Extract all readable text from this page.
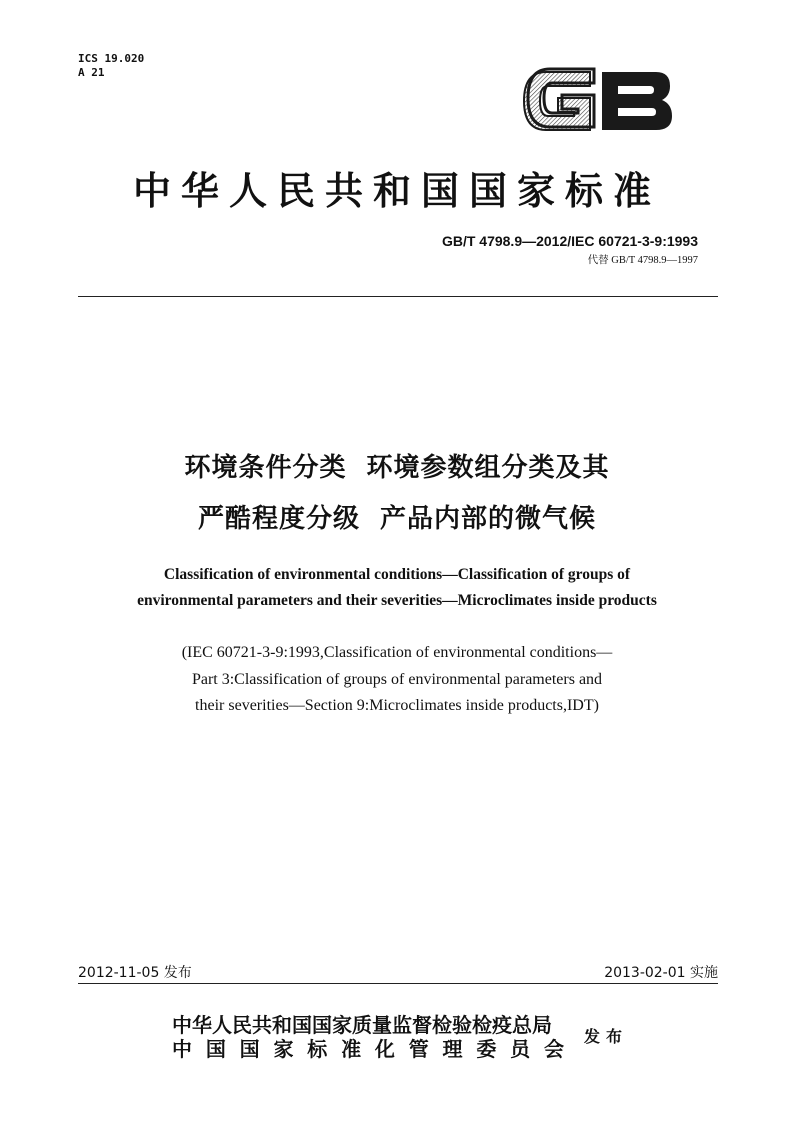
ICS 19.020
A 21
GB
中华人民共和国国家标准
GB/T 4798.9—2012/IEC 60721-3-9:1993
代替 GB/T 4798.9—1997
环境条件分类  环境参数组分类及其
严酷程度分级  产品内部的微气候
Classification of environmental conditions—Classification of groups of
environmental parameters and their severities—Microclimates inside products
(IEC 60721-3-9:1993,Classification of environmental conditions—
Part 3:Classification of groups of environmental parameters and
their severities—Section 9:Microclimates inside products,IDT)
2012-11-05 发布	2013-02-01 实施
中华人民共和国国家质量监督检验检疫总局
中 国 国 家 标 准 化 管 理 委 员 会
发布
